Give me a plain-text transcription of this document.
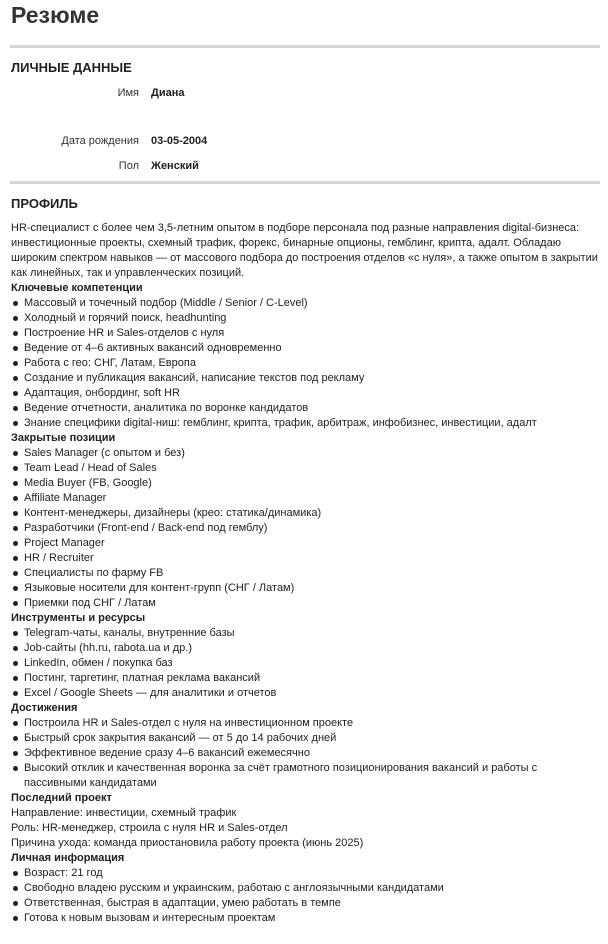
Резюме
ЛИЧНЫЕ ДАННЫЕ
Имя	Диана
Дата рождения	03-05-2004
Пол	Женский
ПРОФИЛЬ

HR-специалист с более чем 3,5-летним опытом в подборе персонала под разные направления digital-бизнеса: инвестиционные проекты, схемный трафик, форекс, бинарные опционы, гемблинг, крипта, адалт. Обладаю широким спектром навыков — от массового подбора до построения отделов «с нуля», а также опытом в закрытии как линейных, так и управленческих позиций.

Ключевые компетенции

Массовый и точечный подбор (Middle / Senior / C-Level)
Холодный и горячий поиск, headhunting
Построение HR и Sales-отделов с нуля
Ведение от 4–6 активных вакансий одновременно
Работа с гео: СНГ, Латам, Европа
Создание и публикация вакансий, написание текстов под рекламу
Адаптация, онбординг, soft HR
Ведение отчетности, аналитика по воронке кандидатов
Знание специфики digital-ниш: гемблинг, крипта, трафик, арбитраж, инфобизнес, инвестиции, адалт

Закрытые позиции

Sales Manager (с опытом и без)
Team Lead / Head of Sales
Media Buyer (FB, Google)
Affiliate Manager
Контент-менеджеры, дизайнеры (крео: статика/динамика)
Разработчики (Front-end / Back-end под гемблу)
Project Manager
HR / Recruiter
Специалисты по фарму FB
Языковые носители для контент-групп (СНГ / Латам)
Приемки под СНГ / Латам

Инструменты и ресурсы

Telegram-чаты, каналы, внутренние базы
Job-сайты (hh.ru, rabota.ua и др.)
LinkedIn, обмен / покупка баз
Постинг, таргетинг, платная реклама вакансий
Excel / Google Sheets — для аналитики и отчетов

Достижения

Построила HR и Sales-отдел с нуля на инвестиционном проекте
Быстрый срок закрытия вакансий — от 5 до 14 рабочих дней
Эффективное ведение сразу 4–6 вакансий ежемесячно
Высокий отклик и качественная воронка за счёт грамотного позиционирования вакансий и работы с пассивными кандидатами

Последний проект

Направление: инвестиции, схемный трафик

Роль: HR-менеджер, строила с нуля HR и Sales-отдел

Причина ухода: команда приостановила работу проекта (июнь 2025)

Личная информация

Возраст: 21 год
Свободно владею русским и украинским, работаю с англоязычными кандидатами
Ответственная, быстрая в адаптации, умею работать в темпе
Готова к новым вызовам и интересным проектам
